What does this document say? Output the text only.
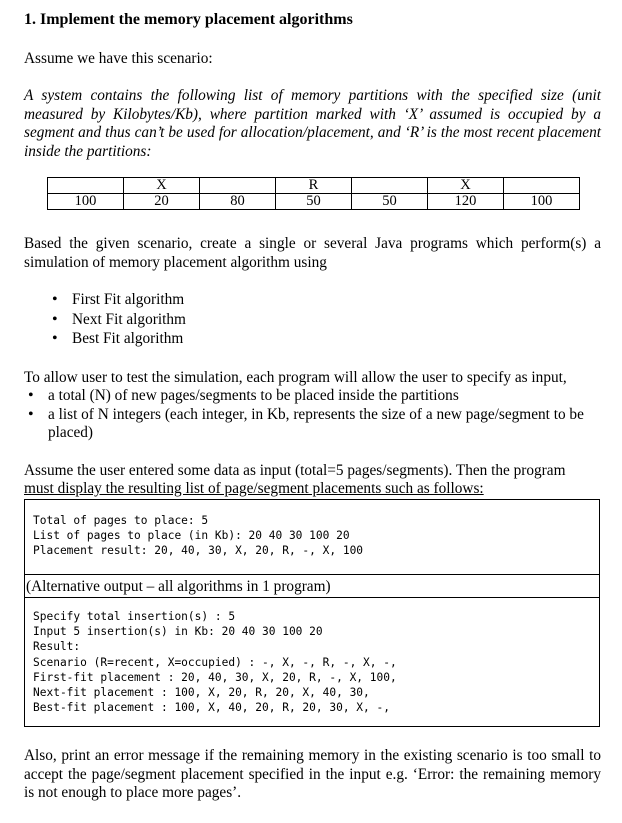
1. Implement the memory placement algorithms

Assume we have this scenario:

A system contains the following list of memory partitions with the specified size (unit measured by Kilobytes/Kb), where partition marked with ‘X’ assumed is occupied by a segment and thus can’t be used for allocation/placement, and ‘R’ is the most recent placement inside the partitions:

	X		R		X	
100	20	80	50	50	120	100

Based the given scenario, create a single or several Java programs which perform(s) a simulation of memory placement algorithm using

• First Fit algorithm
• Next Fit algorithm
• Best Fit algorithm

To allow user to test the simulation, each program will allow the user to specify as input,

• a total (N) of new pages/segments to be placed inside the partitions
• a list of N integers (each integer, in Kb, represents the size of a new page/segment to be placed)

Assume the user entered some data as input (total=5 pages/segments). Then the program

must display the resulting list of page/segment placements such as follows:

Total of pages to place: 5
List of pages to place (in Kb): 20 40 30 100 20
Placement result: 20, 40, 30, X, 20, R, -, X, 100
(Alternative output – all algorithms in 1 program)
Specify total insertion(s) : 5
Input 5 insertion(s) in Kb: 20 40 30 100 20
Result:
Scenario (R=recent, X=occupied) : -, X, -, R, -, X, -,
First-fit placement : 20, 40, 30, X, 20, R, -, X, 100,
Next-fit placement : 100, X, 20, R, 20, X, 40, 30,
Best-fit placement : 100, X, 40, 20, R, 20, 30, X, -,

Also, print an error message if the remaining memory in the existing scenario is too small to accept the page/segment placement specified in the input e.g. ‘Error: the remaining memory is not enough to place more pages’.
